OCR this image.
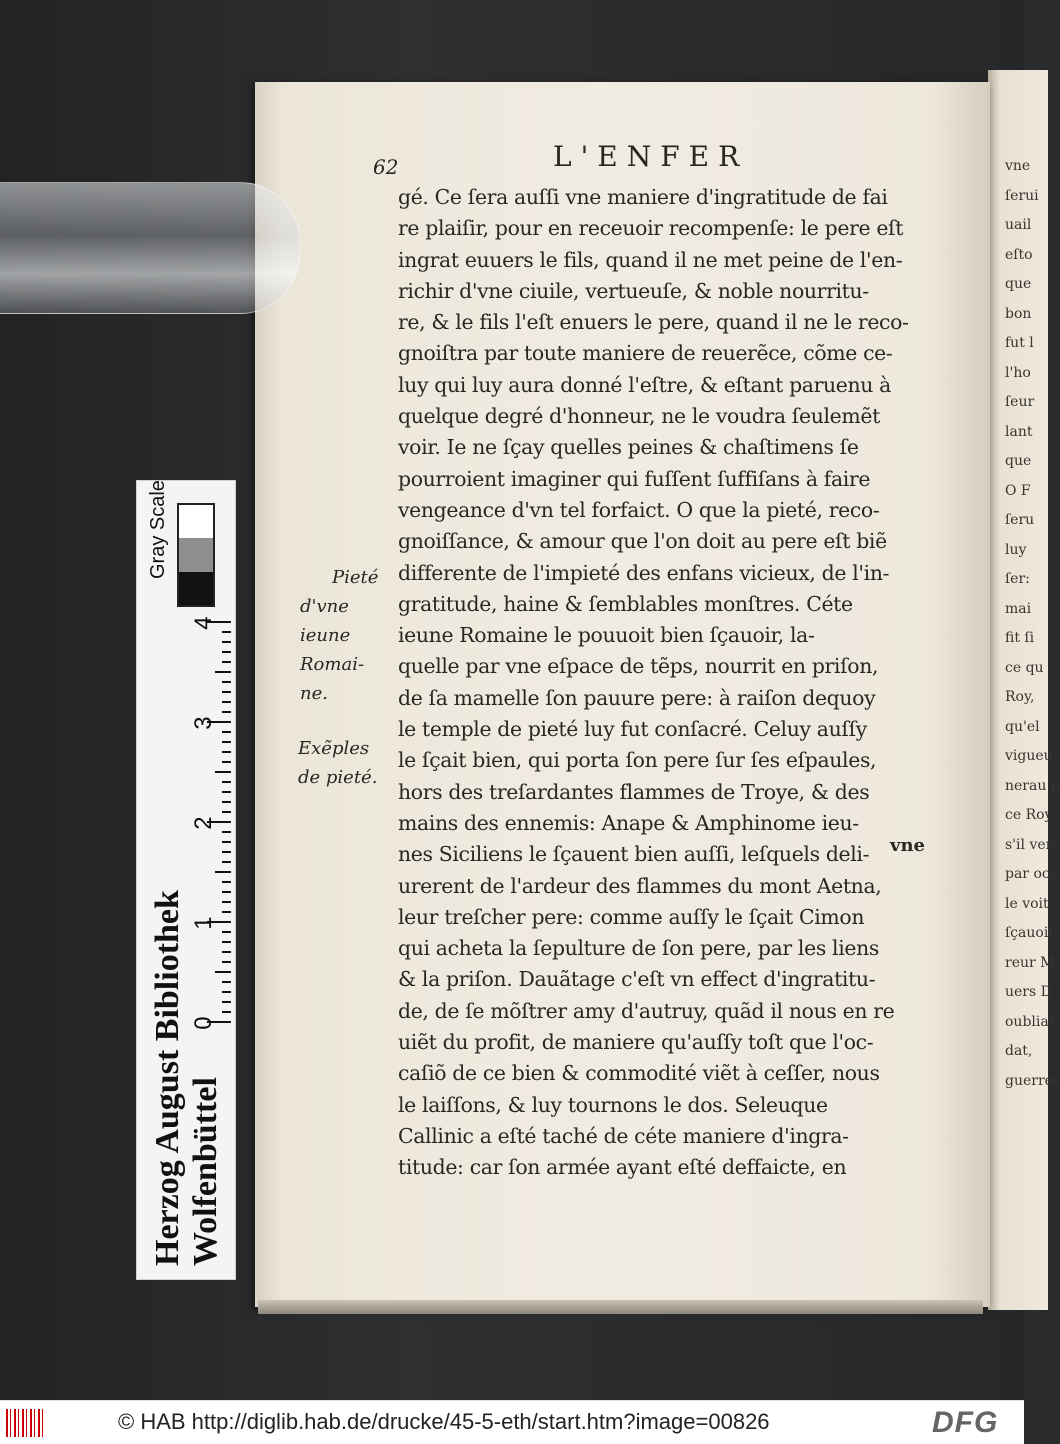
vne
ſerui
uail
eſto
que
bon
fut l
l'ho
ſeur
lant
que
O F
ſeru
luy
ſer:
mai
fit ſi
ce qu
Roy,
qu'el
vigueu
nerau p
ce Roy,
s'il ven
par occ
le voit
ſçauoit
reur M
uers D
oubliar
dat,
guerres
62	L'ENFER
gé. Ce ſera auſſi vne maniere d'ingratitude de fai
re plaiſir, pour en receuoir recompenſe: le pere eſt
ingrat euuers le fils, quand il ne met peine de l'en-
richir d'vne ciuile, vertueuſe, & noble nourritu-
re, & le fils l'eſt enuers le pere, quand il ne le reco-
gnoiſtra par toute maniere de reuerẽce, cõme ce-
luy qui luy aura donné l'eſtre, & eſtant paruenu à
quelque degré d'honneur, ne le voudra ſeulemẽt
voir. Ie ne ſçay quelles peines & chaſtimens ſe
pourroient imaginer qui fuſſent ſuffiſans à faire
vengeance d'vn tel forfaict. O que la pieté, reco-
gnoiſſance, & amour que l'on doit au pere eſt biẽ
differente de l'impieté des enfans vicieux, de l'in-
gratitude, haine & ſemblables monſtres. Céte
ieune Romaine le pouuoit bien ſçauoir, la-
quelle par vne eſpace de tẽps, nourrit en priſon,
de ſa mamelle ſon pauure pere: à raiſon dequoy
le temple de pieté luy fut conſacré. Celuy auſſy
le ſçait bien, qui porta ſon pere ſur ſes eſpaules,
hors des treſardantes flammes de Troye, & des
mains des ennemis: Anape & Amphinome ieu-
nes Siciliens le ſçauent bien auſſi, leſquels deli-
urerent de l'ardeur des flammes du mont Aetna,
leur treſcher pere: comme auſſy le ſçait Cimon
qui acheta la ſepulture de ſon pere, par les liens
& la priſon. Dauãtage c'eſt vn effect d'ingratitu-
de, de ſe mõſtrer amy d'autruy, quãd il nous en re
uiẽt du profit, de maniere qu'auſſy toſt que l'oc-
caſiõ de ce bien & commodité viẽt à ceſſer, nous
le laiſſons, & luy tournons le dos. Seleuque
Callinic a eſté taché de céte maniere d'ingra-
titude: car ſon armée ayant eſté deffaicte, en
vne
Pieté
d'vne
ieune
Romai-
ne.
Exẽples
de pieté.
Gray Scale
4
3
2
1
0
Herzog August Bibliothek Wolfenbüttel
© HAB http://diglib.hab.de/drucke/45-5-eth/start.htm?image=00826	DFG
